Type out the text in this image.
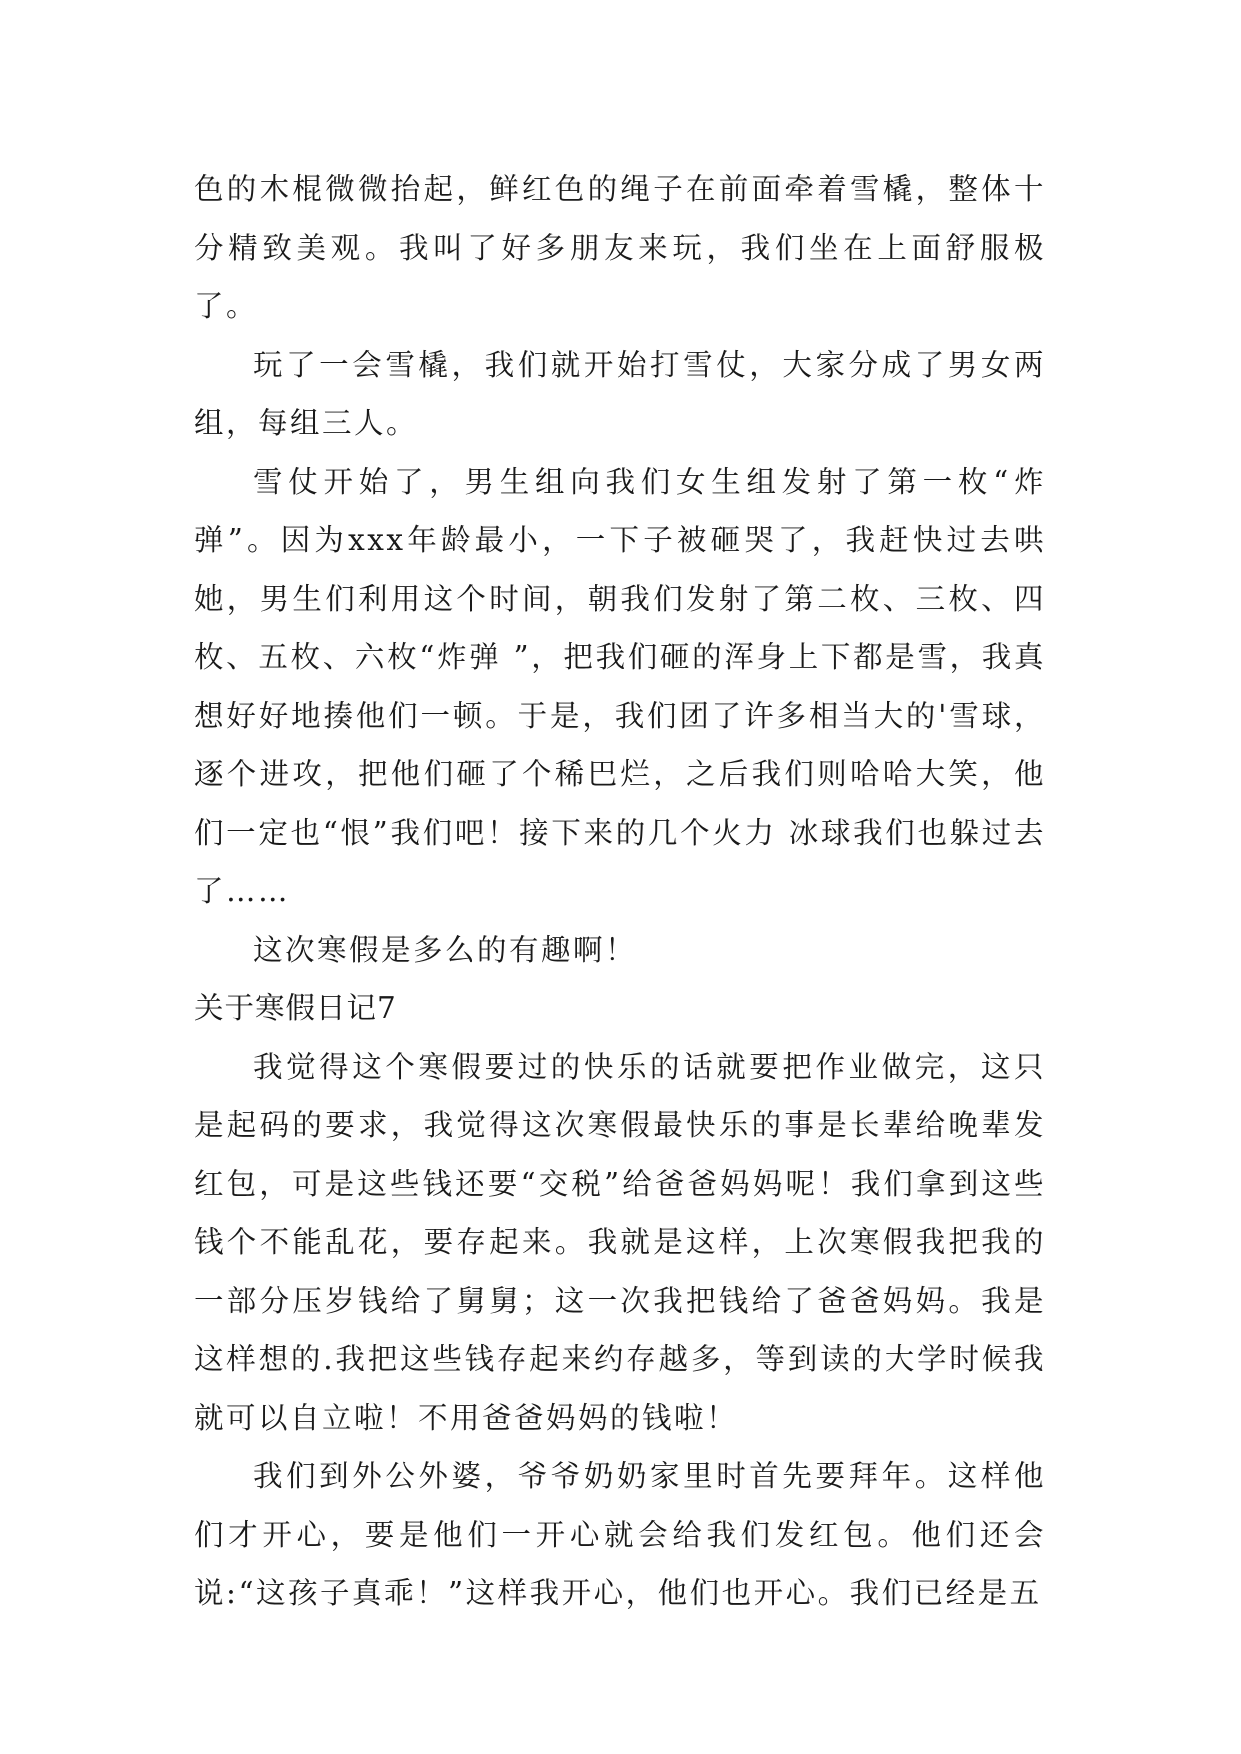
色的木棍微微抬起，鲜红色的绳子在前面牵着雪橇，整体十分精致美观。我叫了好多朋友来玩，我们坐在上面舒服极了。

玩了一会雪橇，我们就开始打雪仗，大家分成了男女两组，每组三人。

雪仗开始了，男生组向我们女生组发射了第一枚“炸弹”。因为xxx年龄最小，一下子被砸哭了，我赶快过去哄她，男生们利用这个时间，朝我们发射了第二枚、三枚、四枚、五枚、六枚“炸弹 ”，把我们砸的浑身上下都是雪，我真想好好地揍他们一顿。于是，我们团了许多相当大的'雪球，逐个进攻，把他们砸了个稀巴烂，之后我们则哈哈大笑，他们一定也“恨”我们吧！接下来的几个火力 冰球我们也躲过去了……

这次寒假是多么的有趣啊！

关于寒假日记7

我觉得这个寒假要过的快乐的话就要把作业做完，这只是起码的要求，我觉得这次寒假最快乐的事是长辈给晚辈发红包，可是这些钱还要“交税”给爸爸妈妈呢！我们拿到这些钱个不能乱花，要存起来。我就是这样，上次寒假我把我的一部分压岁钱给了舅舅；这一次我把钱给了爸爸妈妈。我是这样想的.我把这些钱存起来约存越多，等到读的大学时候我就可以自立啦！不用爸爸妈妈的钱啦！

我们到外公外婆，爷爷奶奶家里时首先要拜年。这样他们才开心，要是他们一开心就会给我们发红包。他们还会说:“这孩子真乖！”这样我开心，他们也开心。我们已经是五
